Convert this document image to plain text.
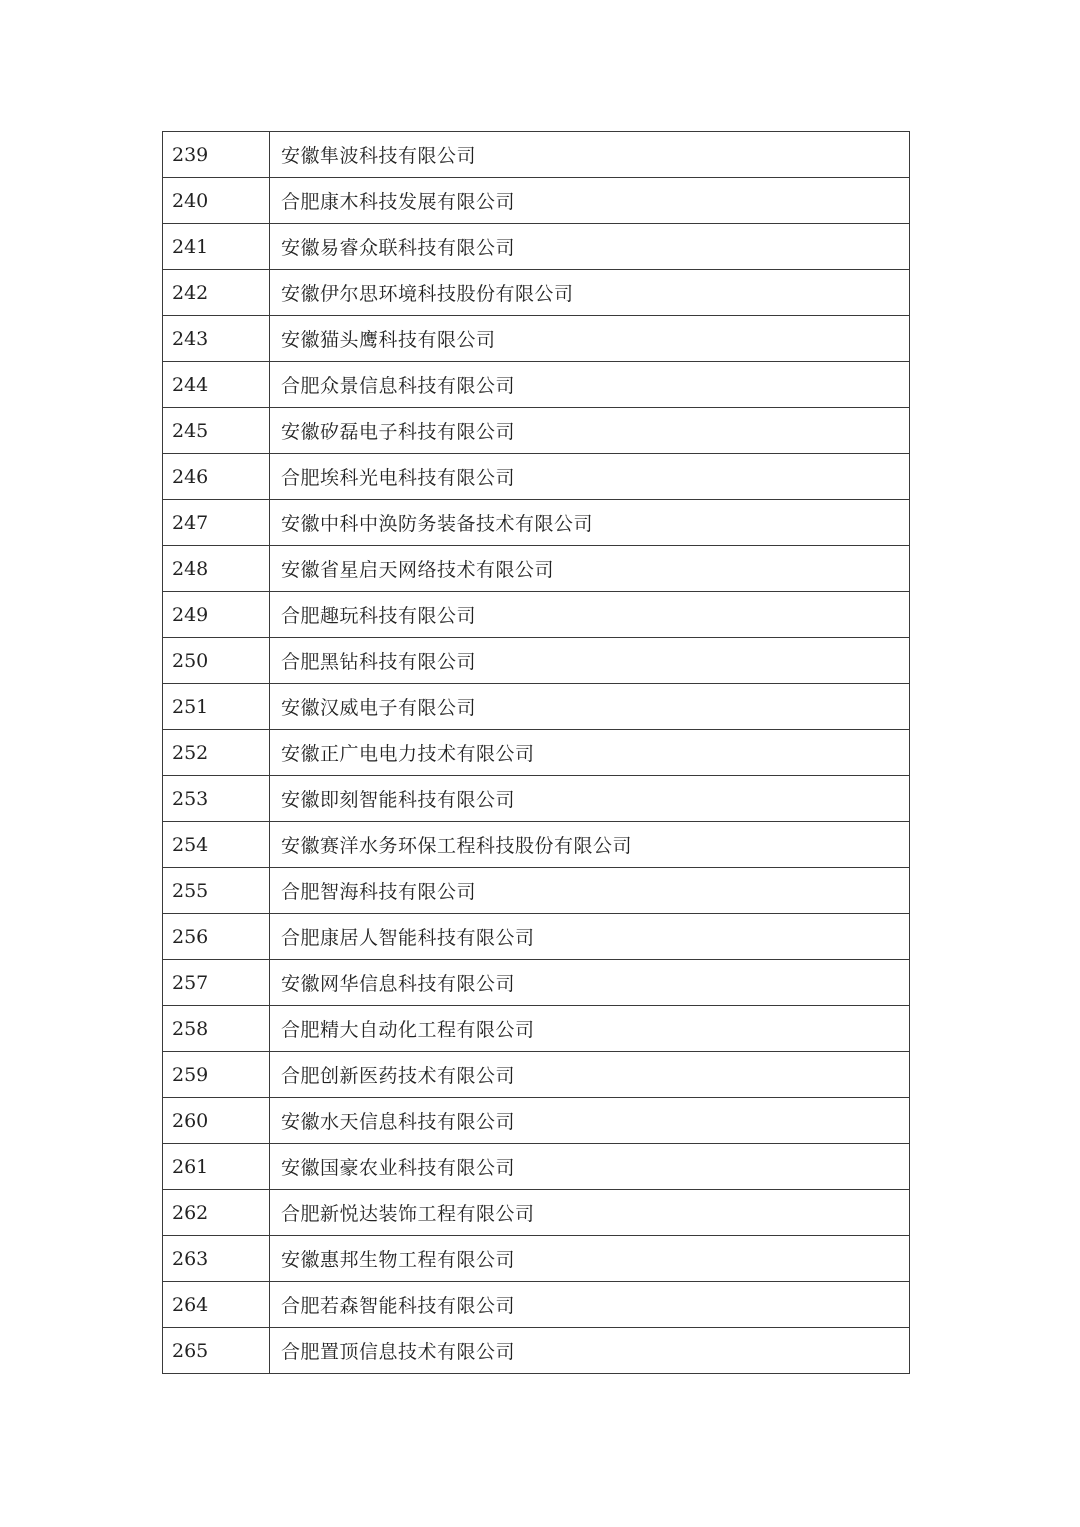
239	安徽隼波科技有限公司
240	合肥康木科技发展有限公司
241	安徽易睿众联科技有限公司
242	安徽伊尔思环境科技股份有限公司
243	安徽猫头鹰科技有限公司
244	合肥众景信息科技有限公司
245	安徽矽磊电子科技有限公司
246	合肥埃科光电科技有限公司
247	安徽中科中涣防务装备技术有限公司
248	安徽省星启天网络技术有限公司
249	合肥趣玩科技有限公司
250	合肥黑钻科技有限公司
251	安徽汉威电子有限公司
252	安徽正广电电力技术有限公司
253	安徽即刻智能科技有限公司
254	安徽赛洋水务环保工程科技股份有限公司
255	合肥智海科技有限公司
256	合肥康居人智能科技有限公司
257	安徽网华信息科技有限公司
258	合肥精大自动化工程有限公司
259	合肥创新医药技术有限公司
260	安徽水天信息科技有限公司
261	安徽国豪农业科技有限公司
262	合肥新悦达装饰工程有限公司
263	安徽惠邦生物工程有限公司
264	合肥若森智能科技有限公司
265	合肥置顶信息技术有限公司
